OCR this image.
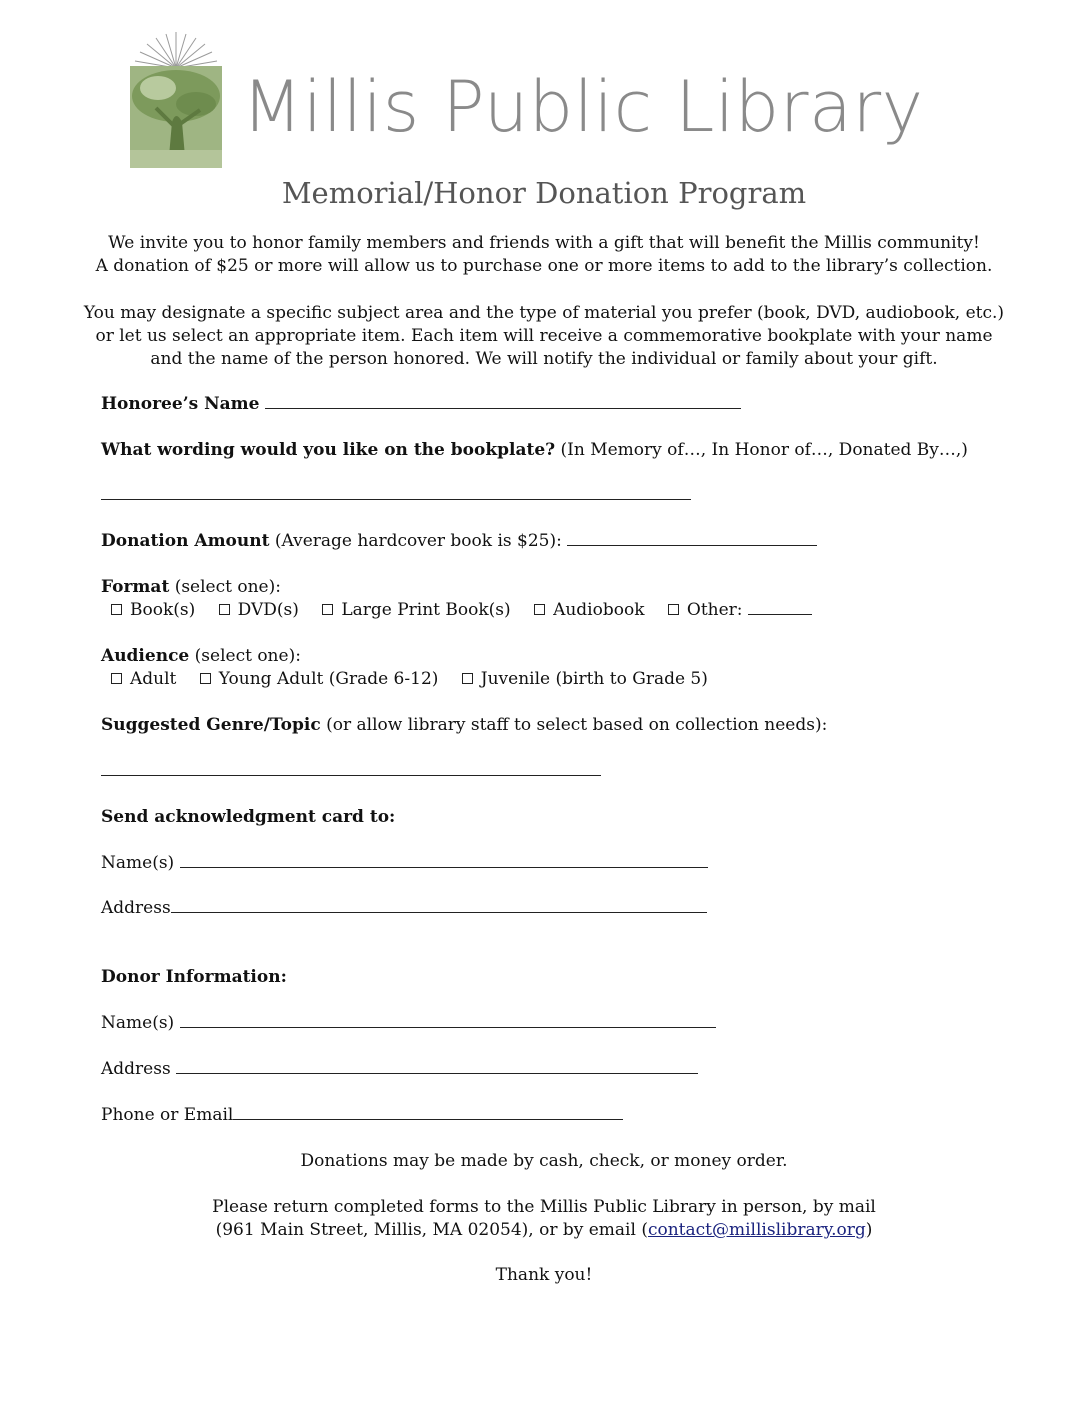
Millis Public Library
Memorial/Honor Donation Program
We invite you to honor family members and friends with a gift that will benefit the Millis community!
A donation of $25 or more will allow us to purchase one or more items to add to the library’s collection.
You may designate a specific subject area and the type of material you prefer (book, DVD, audiobook, etc.)
or let us select an appropriate item. Each item will receive a commemorative bookplate with your name
and the name of the person honored. We will notify the individual or family about your gift.
Honoree’s Name
What wording would you like on the bookplate? (In Memory of…, In Honor of…, Donated By…,)
Donation Amount (Average hardcover book is $25):
Format (select one):
Book(s) DVD(s) Large Print Book(s) Audiobook Other:
Audience (select one):
Adult Young Adult (Grade 6-12) Juvenile (birth to Grade 5)
Suggested Genre/Topic (or allow library staff to select based on collection needs):
Send acknowledgment card to:
Name(s)
Address
Donor Information:
Name(s)
Address
Phone or Email
Donations may be made by cash, check, or money order.
Please return completed forms to the Millis Public Library in person, by mail
(961 Main Street, Millis, MA 02054), or by email (contact@millislibrary.org)
Thank you!
